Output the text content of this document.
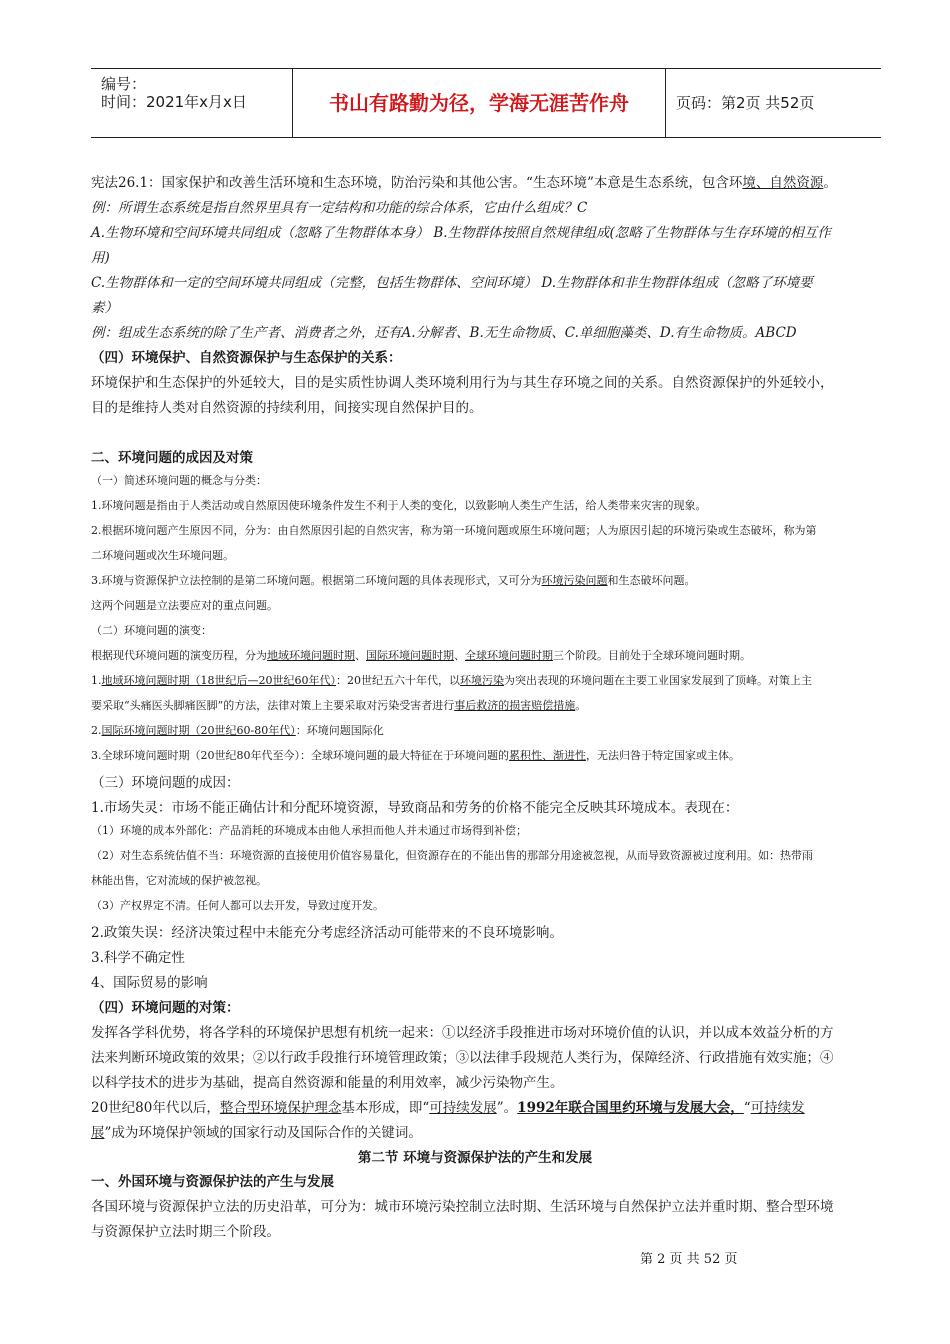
编号：
时间：2021年x月x日	书山有路勤为径，学海无涯苦作舟	页码：第2页 共52页
宪法26.1：国家保护和改善生活环境和生态环境，防治污染和其他公害。“生态环境”本意是生态系统，包含环境、自然资源。
例：所谓生态系统是指自然界里具有一定结构和功能的综合体系，它由什么组成？C
A.生物环境和空间环境共同组成（忽略了生物群体本身） B.生物群体按照自然规律组成(忽略了生物群体与生存环境的相互作
用)
C.生物群体和一定的空间环境共同组成（完整，包括生物群体、空间环境） D.生物群体和非生物群体组成（忽略了环境要
素）
例：组成生态系统的除了生产者、消费者之外，还有A.分解者、B.无生命物质、C.单细胞藻类、D.有生命物质。ABCD
（四）环境保护、自然资源保护与生态保护的关系：
环境保护和生态保护的外延较大，目的是实质性协调人类环境利用行为与其生存环境之间的关系。自然资源保护的外延较小，
目的是维持人类对自然资源的持续利用，间接实现自然保护目的。
二、环境问题的成因及对策
（一）简述环境问题的概念与分类：
1.环境问题是指由于人类活动或自然原因使环境条件发生不利于人类的变化，以致影响人类生产生活，给人类带来灾害的现象。
2.根据环境问题产生原因不同，分为：由自然原因引起的自然灾害，称为第一环境问题或原生环境问题；人为原因引起的环境污染或生态破坏，称为第
二环境问题或次生环境问题。
3.环境与资源保护立法控制的是第二环境问题。根据第二环境问题的具体表现形式，又可分为环境污染问题和生态破坏问题。
这两个问题是立法要应对的重点问题。
（二）环境问题的演变：
根据现代环境问题的演变历程，分为地域环境问题时期、国际环境问题时期、全球环境问题时期三个阶段。目前处于全球环境问题时期。
1.地域环境问题时期（18世纪后—20世纪60年代）：20世纪五六十年代，以环境污染为突出表现的环境问题在主要工业国家发展到了顶峰。对策上主
要采取“头痛医头脚痛医脚”的方法，法律对策上主要采取对污染受害者进行事后救济的损害赔偿措施。
2.国际环境问题时期（20世纪60-80年代）：环境问题国际化
3.全球环境问题时期（20世纪80年代至今）：全球环境问题的最大特征在于环境问题的累积性、渐进性，无法归咎于特定国家或主体。
（三）环境问题的成因：
1.市场失灵：市场不能正确估计和分配环境资源，导致商品和劳务的价格不能完全反映其环境成本。表现在：
（1）环境的成本外部化：产品消耗的环境成本由他人承担而他人并未通过市场得到补偿；
（2）对生态系统估值不当：环境资源的直接使用价值容易量化，但资源存在的不能出售的那部分用途被忽视，从而导致资源被过度利用。如：热带雨
林能出售，它对流域的保护被忽视。
（3）产权界定不清。任何人都可以去开发，导致过度开发。
2.政策失误：经济决策过程中未能充分考虑经济活动可能带来的不良环境影响。
3.科学不确定性
4、国际贸易的影响
（四）环境问题的对策：
发挥各学科优势，将各学科的环境保护思想有机统一起来：①以经济手段推进市场对环境价值的认识，并以成本效益分析的方
法来判断环境政策的效果；②以行政手段推行环境管理政策；③以法律手段规范人类行为，保障经济、行政措施有效实施；④
以科学技术的进步为基础，提高自然资源和能量的利用效率，减少污染物产生。
20世纪80年代以后，整合型环境保护理念基本形成，即“可持续发展”。1992年联合国里约环境与发展大会，“可持续发
展”成为环境保护领域的国家行动及国际合作的关键词。
第二节 环境与资源保护法的产生和发展
一、外国环境与资源保护法的产生与发展
各国环境与资源保护立法的历史沿革，可分为：城市环境污染控制立法时期、生活环境与自然保护立法并重时期、整合型环境
与资源保护立法时期三个阶段。
第 2 页 共 52 页
